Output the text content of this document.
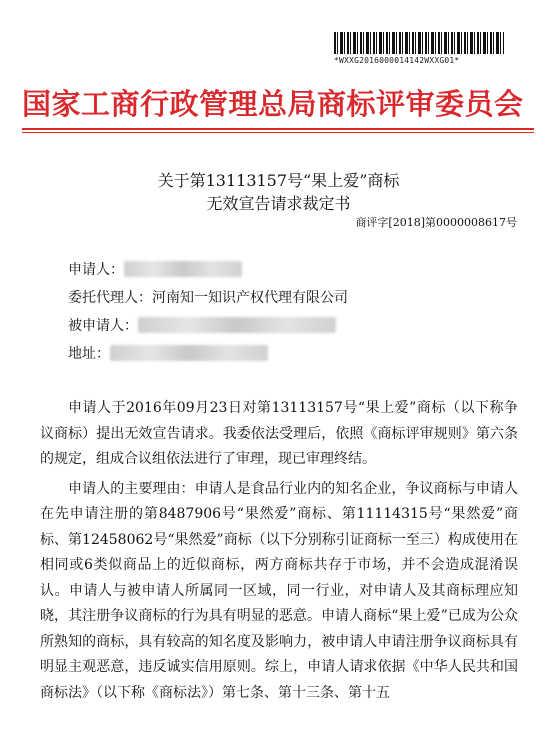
*WXXG2016000014142WXXG01*
国家工商行政管理总局商标评审委员会
关于第13113157号“果上爱”商标
无效宣告请求裁定书
商评字[2018]第0000008617号
申请人：
委托代理人： 河南知一知识产权代理有限公司
被申请人：
地址：

申请人于2016年09月23日对第13113157号“果上爱”商标（以下称争议商标）提出无效宣告请求。我委依法受理后，依照《商标评审规则》第六条的规定，组成合议组依法进行了审理，现已审理终结。

申请人的主要理由：申请人是食品行业内的知名企业，争议商标与申请人在先申请注册的第8487906号“果然爱”商标、第11114315号“果然爱”商标、第12458062号“果然爱”商标（以下分别称引证商标一至三）构成使用在相同或6类似商品上的近似商标，两方商标共存于市场，并不会造成混淆误认。申请人与被申请人所属同一区域，同一行业，对申请人及其商标理应知晓，其注册争议商标的行为具有明显的恶意。申请人商标“果上爱”已成为公众所熟知的商标，具有较高的知名度及影响力，被申请人申请注册争议商标具有明显主观恶意，违反诚实信用原则。综上，申请人请求依据《中华人民共和国商标法》（以下称《商标法》）第七条、第十三条、第十五
